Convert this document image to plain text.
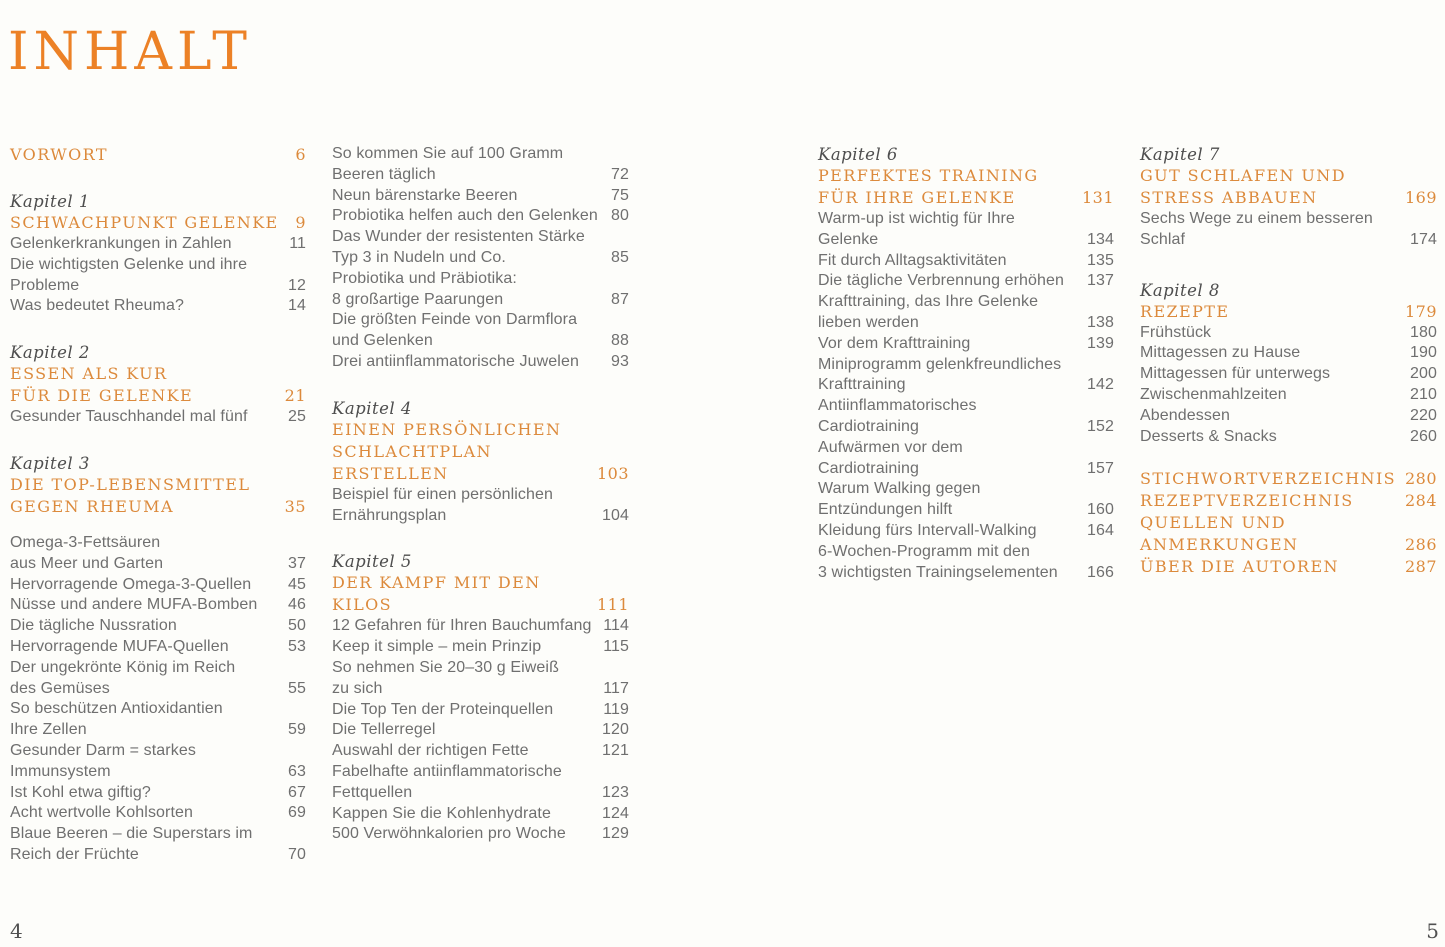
INHALT
VORWORT	6
Kapitel 1
SCHWACHPUNKT GELENKE	9
Gelenkerkrankungen in Zahlen	11
Die wichtigsten Gelenke und ihre
Probleme	12
Was bedeutet Rheuma?	14
Kapitel 2
ESSEN ALS KUR
FÜR DIE GELENKE	21
Gesunder Tauschhandel mal fünf	25
Kapitel 3
DIE TOP-LEBENSMITTEL
GEGEN RHEUMA	35
Omega-3-Fettsäuren
aus Meer und Garten	37
Hervorragende Omega-3-Quellen	45
Nüsse und andere MUFA-Bomben	46
Die tägliche Nussration	50
Hervorragende MUFA-Quellen	53
Der ungekrönte König im Reich
des Gemüses	55
So beschützen Antioxidantien
Ihre Zellen	59
Gesunder Darm = starkes
Immunsystem	63
Ist Kohl etwa giftig?	67
Acht wertvolle Kohlsorten	69
Blaue Beeren – die Superstars im
Reich der Früchte	70
So kommen Sie auf 100 Gramm
Beeren täglich	72
Neun bärenstarke Beeren	75
Probiotika helfen auch den Gelenken 80
Das Wunder der resistenten Stärke
Typ 3 in Nudeln und Co.	85
Probiotika und Präbiotika:
8 großartige Paarungen	87
Die größten Feinde von Darmflora
und Gelenken	88
Drei antiinflammatorische Juwelen	93
Kapitel 4
EINEN PERSÖNLICHEN
SCHLACHTPLAN
ERSTELLEN	103
Beispiel für einen persönlichen
Ernährungsplan	104
Kapitel 5
DER KAMPF MIT DEN
KILOS	111
12 Gefahren für Ihren Bauchumfang 114
Keep it simple – mein Prinzip	115
So nehmen Sie 20–30 g Eiweiß
zu sich	117
Die Top Ten der Proteinquellen	119
Die Tellerregel	120
Auswahl der richtigen Fette	121
Fabelhafte antiinflammatorische
Fettquellen	123
Kappen Sie die Kohlenhydrate	124
500 Verwöhnkalorien pro Woche	129
Kapitel 6
PERFEKTES TRAINING
FÜR IHRE GELENKE	131
Warm-up ist wichtig für Ihre
Gelenke	134
Fit durch Alltagsaktivitäten	135
Die tägliche Verbrennung erhöhen	137
Krafttraining, das Ihre Gelenke
lieben werden	138
Vor dem Krafttraining	139
Miniprogramm gelenkfreundliches
Krafttraining	142
Antiinflammatorisches
Cardiotraining	152
Aufwärmen vor dem
Cardiotraining	157
Warum Walking gegen
Entzündungen hilft	160
Kleidung fürs Intervall-Walking	164
6-Wochen-Programm mit den
3 wichtigsten Trainingselementen	166
Kapitel 7
GUT SCHLAFEN UND
STRESS ABBAUEN	169
Sechs Wege zu einem besseren
Schlaf	174
Kapitel 8
REZEPTE	179
Frühstück	180
Mittagessen zu Hause	190
Mittagessen für unterwegs	200
Zwischenmahlzeiten	210
Abendessen	220
Desserts & Snacks	260
STICHWORTVERZEICHNIS 280
REZEPTVERZEICHNIS	284
QUELLEN UND
ANMERKUNGEN	286
ÜBER DIE AUTOREN	287
4	5
